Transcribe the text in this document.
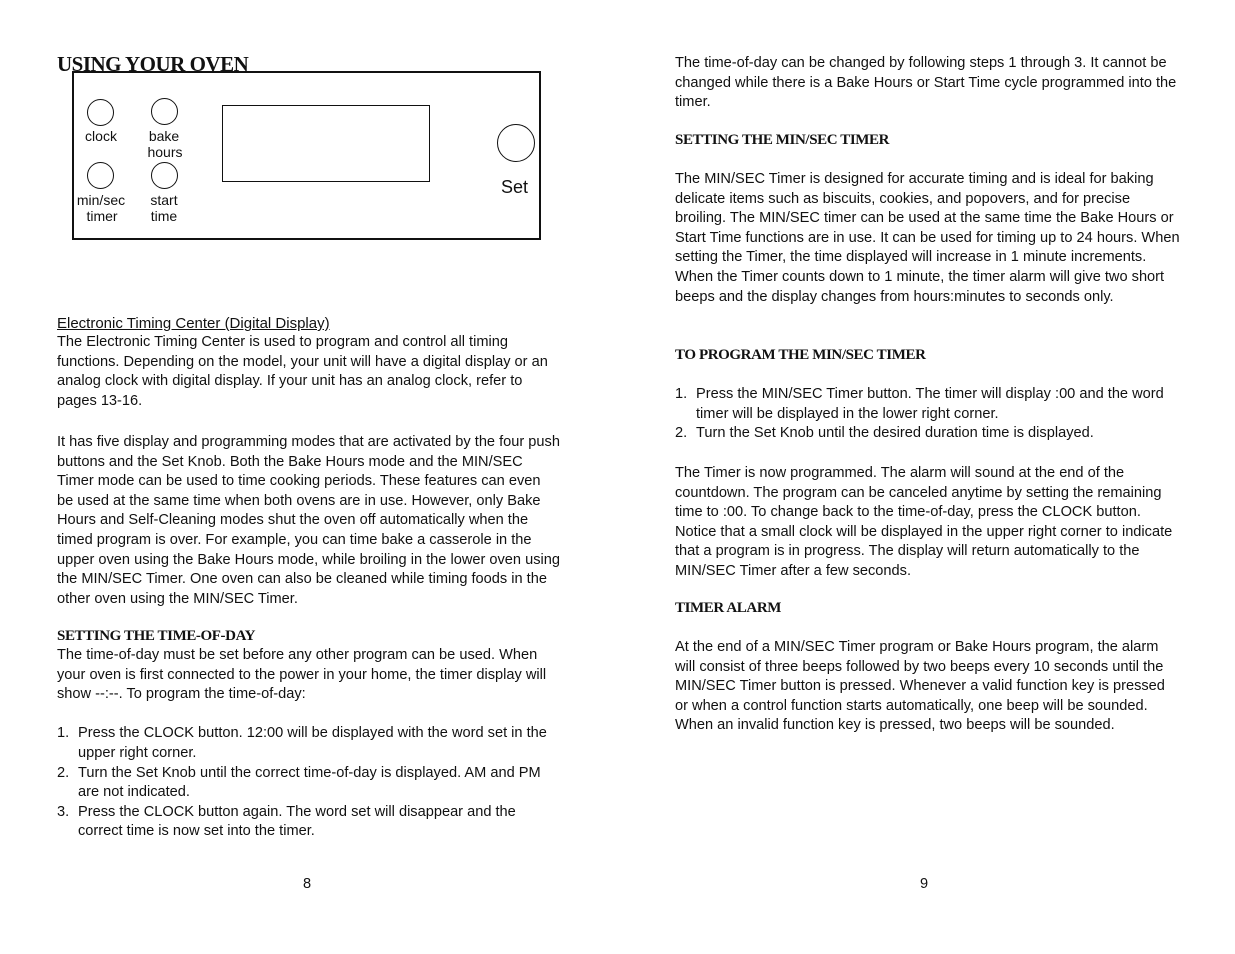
USING YOUR OVEN
clock	bake
hours
min/sec
timer
start
time
Set

Electronic Timing Center (Digital Display)

The Electronic Timing Center is used to program and control all timing functions. Depending on the model, your unit will have a digital display or an analog clock with digital display. If your unit has an analog clock, refer to pages 13-16.

It has five display and programming modes that are activated by the four push buttons and the Set Knob. Both the Bake Hours mode and the MIN/SEC Timer mode can be used to time cooking periods. These features can even be used at the same time when both ovens are in use. However, only Bake Hours and Self-Cleaning modes shut the oven off automatically when the timed program is over. For example, you can time bake a casserole in the upper oven using the Bake Hours mode, while broiling in the lower oven using the MIN/SEC Timer. One oven can also be cleaned while timing foods in the other oven using the MIN/SEC Timer.

SETTING THE TIME-OF-DAY

The time-of-day must be set before any other program can be used. When your oven is first connected to the power in your home, the timer display will show --:--. To program the time-of-day:

1. Press the CLOCK button. 12:00 will be displayed with the word set in the upper right corner.
2. Turn the Set Knob until the correct time-of-day is displayed. AM and PM are not indicated.
3. Press the CLOCK button again. The word set will disappear and the correct time is now set into the timer.
8

The time-of-day can be changed by following steps 1 through 3. It cannot be changed while there is a Bake Hours or Start Time cycle programmed into the timer.

SETTING THE MIN/SEC TIMER

The MIN/SEC Timer is designed for accurate timing and is ideal for baking delicate items such as biscuits, cookies, and popovers, and for precise broiling. The MIN/SEC timer can be used at the same time the Bake Hours or Start Time functions are in use. It can be used for timing up to 24 hours. When setting the Timer, the time displayed will increase in 1 minute increments. When the Timer counts down to 1 minute, the timer alarm will give two short beeps and the display changes from hours:minutes to seconds only.

TO PROGRAM THE MIN/SEC TIMER
1. Press the MIN/SEC Timer button. The timer will display :00 and the word timer will be displayed in the lower right corner.
2. Turn the Set Knob until the desired duration time is displayed.

The Timer is now programmed. The alarm will sound at the end of the countdown. The program can be canceled anytime by setting the remaining time to :00. To change back to the time-of-day, press the CLOCK button. Notice that a small clock will be displayed in the upper right corner to indicate that a program is in progress. The display will return automatically to the MIN/SEC Timer after a few seconds.

TIMER ALARM

At the end of a MIN/SEC Timer program or Bake Hours program, the alarm will consist of three beeps followed by two beeps every 10 seconds until the MIN/SEC Timer button is pressed. Whenever a valid function key is pressed or when a control function starts automatically, one beep will be sounded. When an invalid function key is pressed, two beeps will be sounded.

9
